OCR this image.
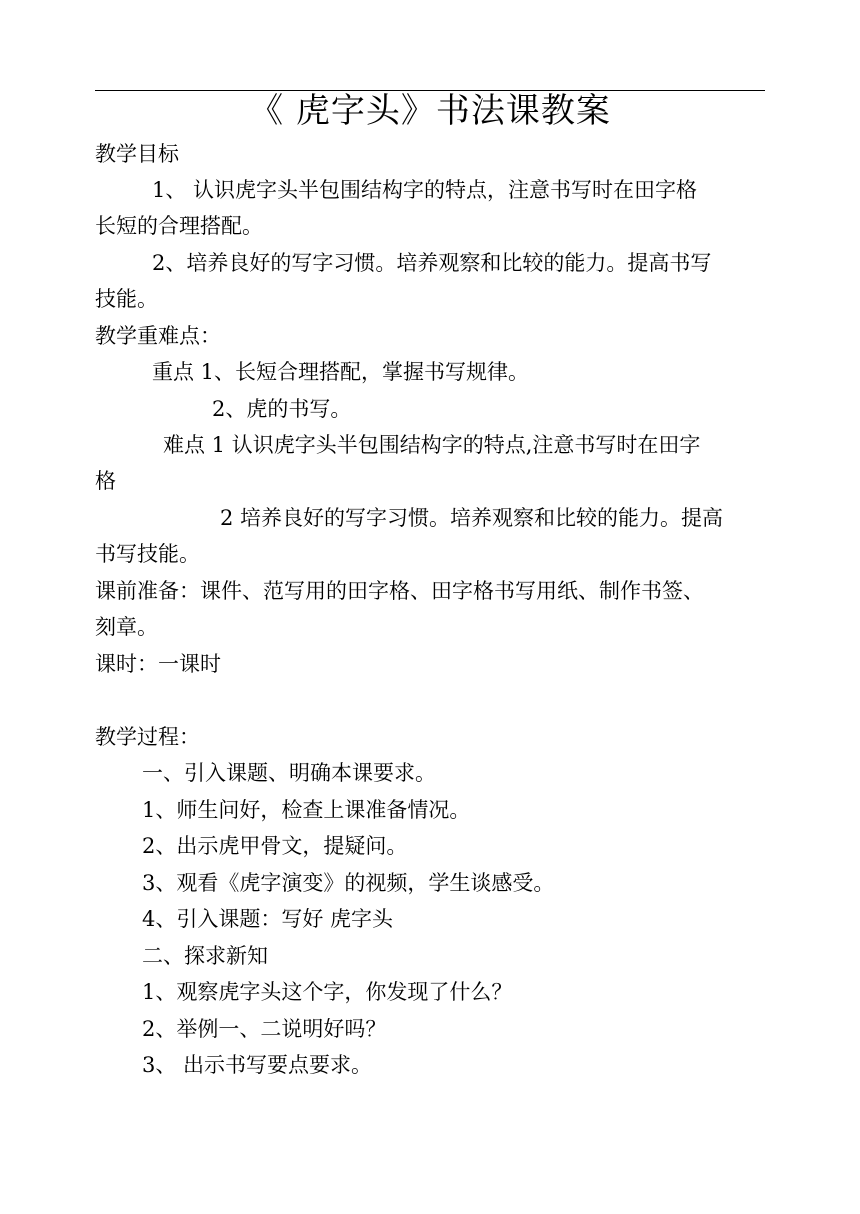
《 虎字头》书法课教案
教学目标
1、 认识虎字头半包围结构字的特点，注意书写时在田字格
长短的合理搭配。
2、培养良好的写字习惯。培养观察和比较的能力。提高书写
技能。
教学重难点：
重点 1、长短合理搭配，掌握书写规律。
2、虎的书写。
难点 1 认识虎字头半包围结构字的特点,注意书写时在田字
格
2 培养良好的写字习惯。培养观察和比较的能力。提高
书写技能。
课前准备：课件、范写用的田字格、田字格书写用纸、制作书签、
刻章。
课时：一课时
教学过程：
一、引入课题、明确本课要求。
1、师生问好，检查上课准备情况。
2、出示虎甲骨文，提疑问。
3、观看《虎字演变》的视频，学生谈感受。
4、引入课题：写好 虎字头
二、探求新知
1、观察虎字头这个字，你发现了什么？
2、举例一、二说明好吗？
3、 出示书写要点要求。
